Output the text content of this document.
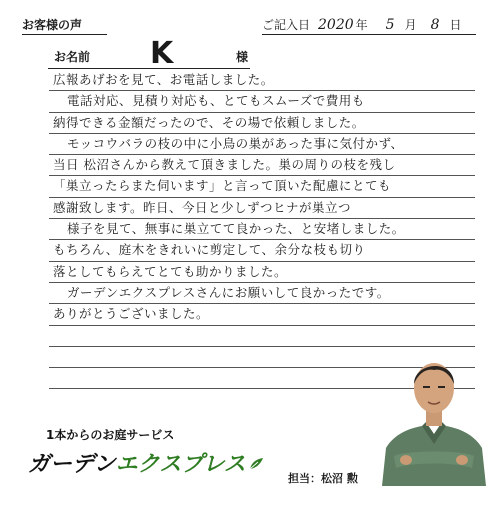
お客様の声	ご記入日 2020 年 5 月 8 日
お名前 K	様
広報あげおを見て、お電話しました。
電話対応、見積り対応も、とてもスムーズで費用も
納得できる金額だったので、その場で依頼しました。
モッコウバラの枝の中に小鳥の巣があった事に気付かず、
当日 松沼さんから教えて頂きました。巣の周りの枝を残し
「巣立ったらまた伺います」と言って頂いた配慮にとても
感謝致します。昨日、今日と少しずつヒナが巣立つ
様子を見て、無事に巣立てて良かった、と安堵しました。
もちろん、庭木をきれいに剪定して、余分な枝も切り
落としてもらえてとても助かりました。
ガーデンエクスプレスさんにお願いして良かったです。
ありがとうございました。
1本からのお庭サービス
ガーデン エクスプレス
担当：松沼 勲
